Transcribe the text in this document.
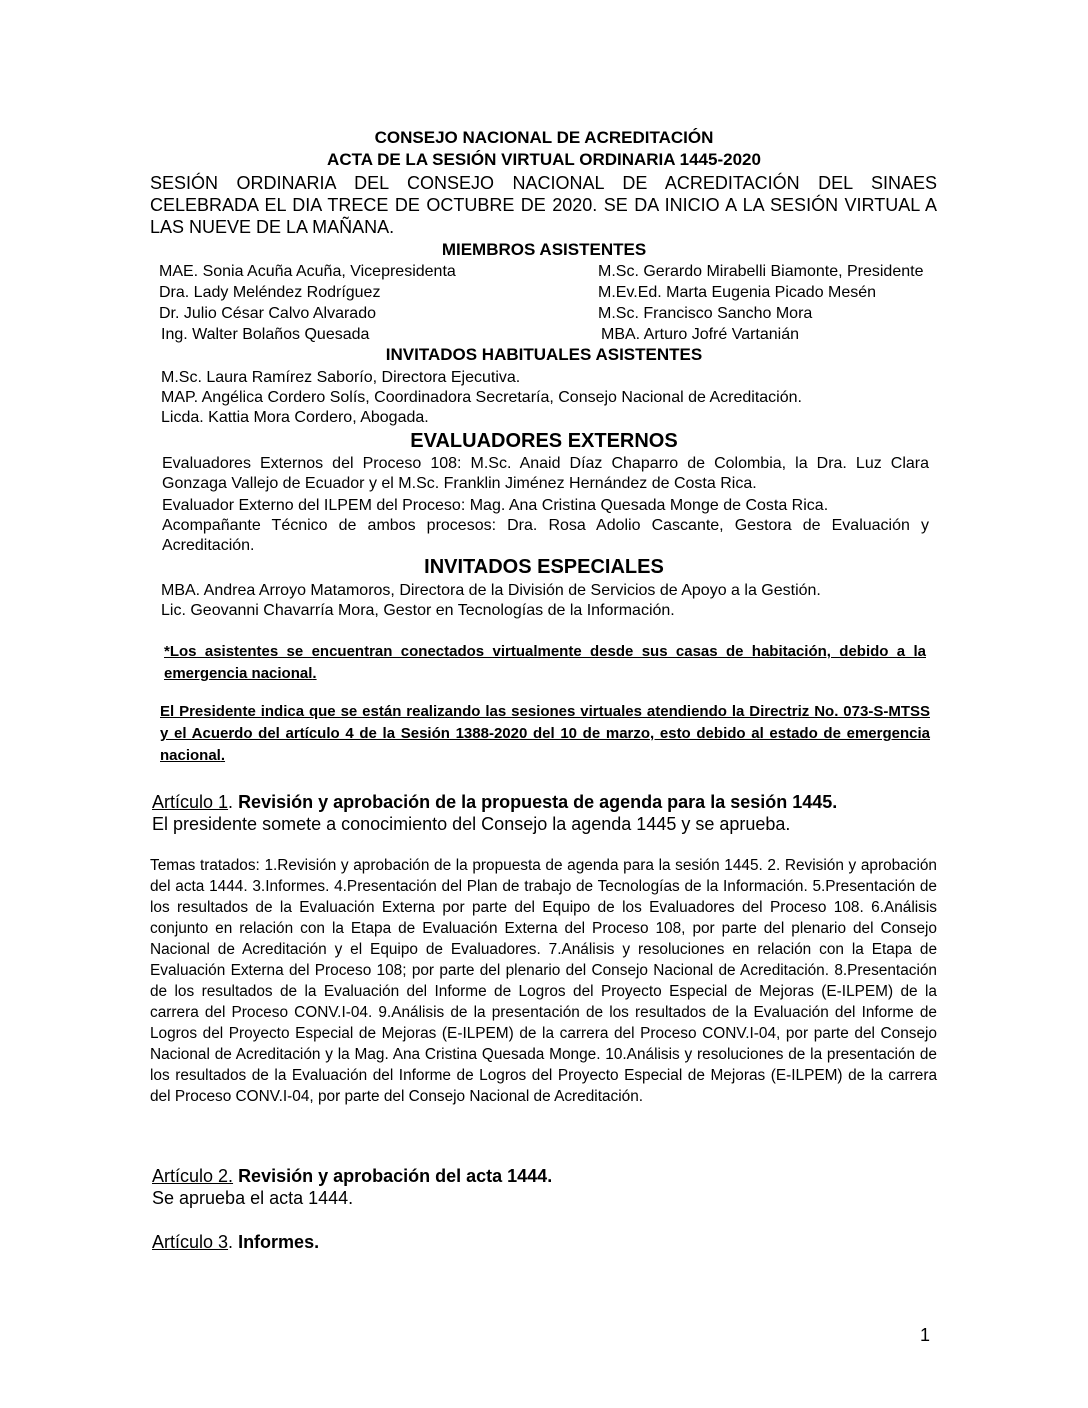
CONSEJO NACIONAL DE ACREDITACIÓN
ACTA DE LA SESIÓN VIRTUAL ORDINARIA 1445-2020
SESIÓN ORDINARIA DEL CONSEJO NACIONAL DE ACREDITACIÓN DEL SINAES CELEBRADA EL DIA TRECE DE OCTUBRE DE 2020. SE DA INICIO A LA SESIÓN VIRTUAL A LAS NUEVE DE LA MAÑANA.
MIEMBROS ASISTENTES
MAE. Sonia Acuña Acuña, Vicepresidenta	M.Sc. Gerardo Mirabelli Biamonte, Presidente
Dra. Lady Meléndez Rodríguez	M.Ev.Ed. Marta Eugenia Picado Mesén
Dr. Julio César Calvo Alvarado	M.Sc. Francisco Sancho Mora
Ing. Walter Bolaños Quesada	MBA. Arturo Jofré Vartanián
INVITADOS HABITUALES ASISTENTES
M.Sc. Laura Ramírez Saborío, Directora Ejecutiva.
MAP. Angélica Cordero Solís, Coordinadora Secretaría, Consejo Nacional de Acreditación.
Licda. Kattia Mora Cordero, Abogada.
EVALUADORES EXTERNOS
Evaluadores Externos del Proceso 108: M.Sc. Anaid Díaz Chaparro de Colombia, la Dra. Luz Clara Gonzaga Vallejo de Ecuador y el M.Sc. Franklin Jiménez Hernández de Costa Rica.
Evaluador Externo del ILPEM del Proceso: Mag. Ana Cristina Quesada Monge de Costa Rica.
Acompañante Técnico de ambos procesos: Dra. Rosa Adolio Cascante, Gestora de Evaluación y Acreditación.
INVITADOS ESPECIALES
MBA. Andrea Arroyo Matamoros, Directora de la División de Servicios de Apoyo a la Gestión.
Lic. Geovanni Chavarría Mora, Gestor en Tecnologías de la Información.
*Los asistentes se encuentran conectados virtualmente desde sus casas de habitación, debido a la emergencia nacional.
El Presidente indica que se están realizando las sesiones virtuales atendiendo la Directriz No. 073-S-MTSS y el Acuerdo del artículo 4 de la Sesión 1388-2020 del 10 de marzo, esto debido al estado de emergencia nacional.
Artículo 1. Revisión y aprobación de la propuesta de agenda para la sesión 1445.
El presidente somete a conocimiento del Consejo la agenda 1445 y se aprueba.
Temas tratados: 1.Revisión y aprobación de la propuesta de agenda para la sesión 1445. 2. Revisión y aprobación del acta 1444. 3.Informes. 4.Presentación del Plan de trabajo de Tecnologías de la Información. 5.Presentación de los resultados de la Evaluación Externa por parte del Equipo de los Evaluadores del Proceso 108. 6.Análisis conjunto en relación con la Etapa de Evaluación Externa del Proceso 108, por parte del plenario del Consejo Nacional de Acreditación y el Equipo de Evaluadores. 7.Análisis y resoluciones en relación con la Etapa de Evaluación Externa del Proceso 108; por parte del plenario del Consejo Nacional de Acreditación. 8.Presentación de los resultados de la Evaluación del Informe de Logros del Proyecto Especial de Mejoras (E-ILPEM) de la carrera del Proceso CONV.I-04. 9.Análisis de la presentación de los resultados de la Evaluación del Informe de Logros del Proyecto Especial de Mejoras (E-ILPEM) de la carrera del Proceso CONV.I-04, por parte del Consejo Nacional de Acreditación y la Mag. Ana Cristina Quesada Monge. 10.Análisis y resoluciones de la presentación de los resultados de la Evaluación del Informe de Logros del Proyecto Especial de Mejoras (E-ILPEM) de la carrera del Proceso CONV.I-04, por parte del Consejo Nacional de Acreditación.
Artículo 2. Revisión y aprobación del acta 1444.
Se aprueba el acta 1444.
Artículo 3. Informes.
1
